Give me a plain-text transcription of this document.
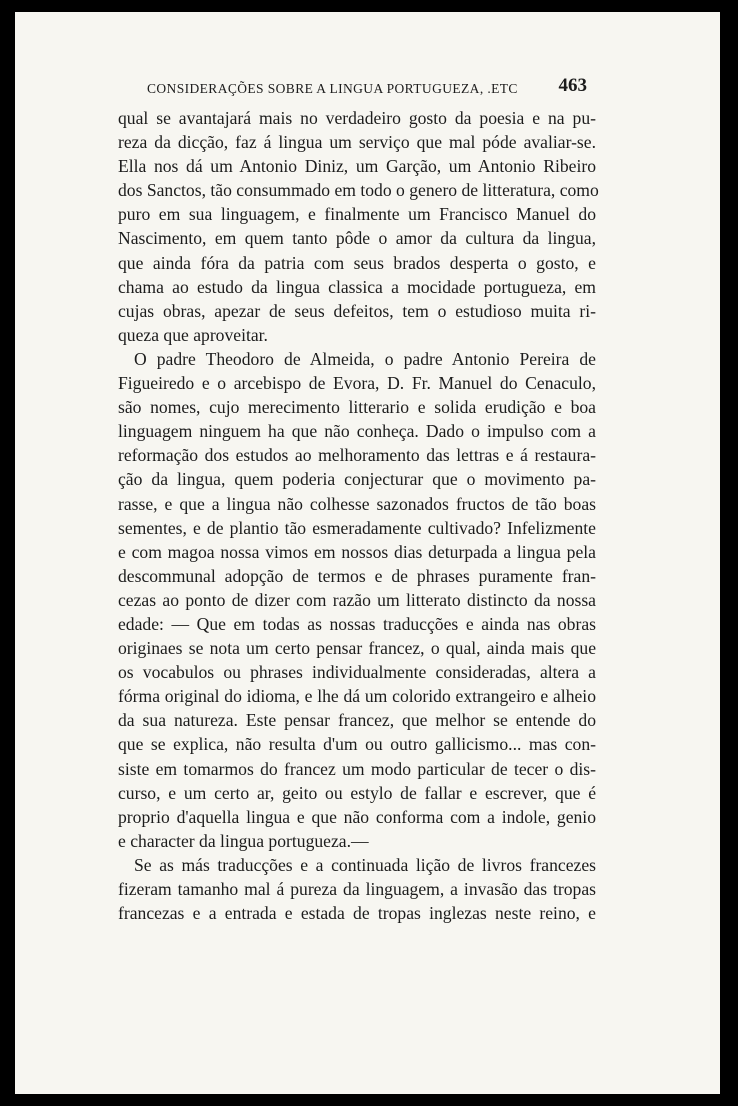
CONSIDERAÇÕES SOBRE A LINGUA PORTUGUEZA, .ETC 463
qual se avantajará mais no verdadeiro gosto da poesia e na pu-
reza da dicção, faz á lingua um serviço que mal póde avaliar-se.
Ella nos dá um Antonio Diniz, um Garção, um Antonio Ribeiro
dos Sanctos, tão consummado em todo o genero de litteratura, como
puro em sua linguagem, e finalmente um Francisco Manuel do
Nascimento, em quem tanto pôde o amor da cultura da lingua,
que ainda fóra da patria com seus brados desperta o gosto, e
chama ao estudo da lingua classica a mocidade portugueza, em
cujas obras, apezar de seus defeitos, tem o estudioso muita ri-
queza que aproveitar.
O padre Theodoro de Almeida, o padre Antonio Pereira de
Figueiredo e o arcebispo de Evora, D. Fr. Manuel do Cenaculo,
são nomes, cujo merecimento litterario e solida erudição e boa
linguagem ninguem ha que não conheça. Dado o impulso com a
reformação dos estudos ao melhoramento das lettras e á restaura-
ção da lingua, quem poderia conjecturar que o movimento pa-
rasse, e que a lingua não colhesse sazonados fructos de tão boas
sementes, e de plantio tão esmeradamente cultivado? Infelizmente
e com magoa nossa vimos em nossos dias deturpada a lingua pela
descommunal adopção de termos e de phrases puramente fran-
cezas ao ponto de dizer com razão um litterato distincto da nossa
edade: — Que em todas as nossas traducções e ainda nas obras
originaes se nota um certo pensar francez, o qual, ainda mais que
os vocabulos ou phrases individualmente consideradas, altera a
fórma original do idioma, e lhe dá um colorido extrangeiro e alheio
da sua natureza. Este pensar francez, que melhor se entende do
que se explica, não resulta d'um ou outro gallicismo... mas con-
siste em tomarmos do francez um modo particular de tecer o dis-
curso, e um certo ar, geito ou estylo de fallar e escrever, que é
proprio d'aquella lingua e que não conforma com a indole, genio
e character da lingua portugueza.—
Se as más traducções e a continuada lição de livros francezes
fizeram tamanho mal á pureza da linguagem, a invasão das tropas
francezas e a entrada e estada de tropas inglezas neste reino, e
